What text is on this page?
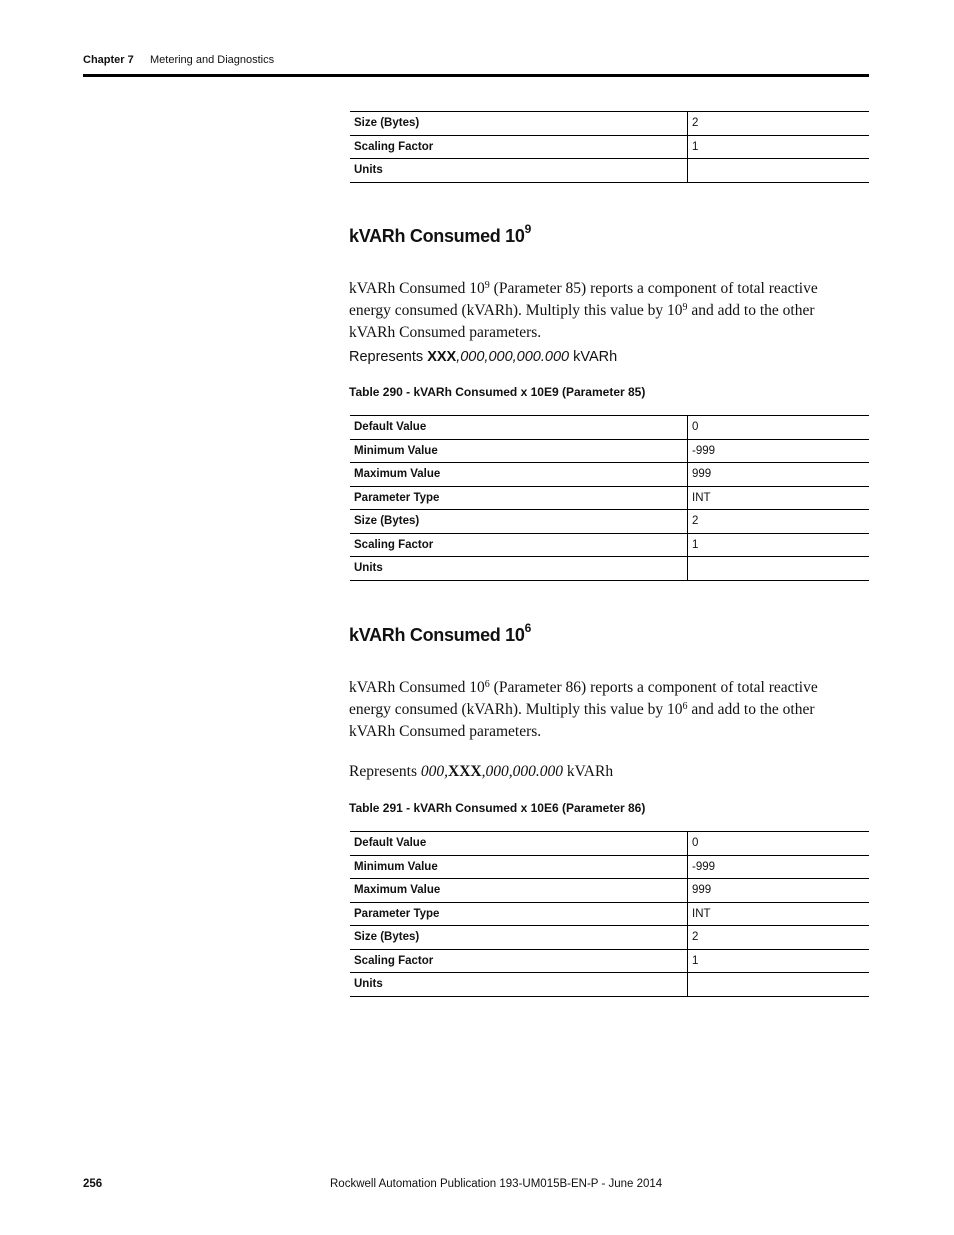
Chapter 7 Metering and Diagnostics
Size (Bytes)	2
Scaling Factor	1
Units	
kVARh Consumed $10^9$

kVARh Consumed $10^9$ (Parameter 85) reports a component of total reactive energy consumed (kVARh). Multiply this value by $10^9$ and add to the other kVARh Consumed parameters.

Represents XXX,000,000,000.000 kVARh
Table 290 - kVARh Consumed x 10E9 (Parameter 85)
Default Value	0
Minimum Value	-999
Maximum Value	999
Parameter Type	INT
Size (Bytes)	2
Scaling Factor	1
Units	
kVARh Consumed $10^6$

kVARh Consumed $10^6$ (Parameter 86) reports a component of total reactive energy consumed (kVARh). Multiply this value by $10^6$ and add to the other kVARh Consumed parameters.

Represents 000,XXX,000,000.000 kVARh
Table 291 - kVARh Consumed x 10E6 (Parameter 86)
Default Value	0
Minimum Value	-999
Maximum Value	999
Parameter Type	INT
Size (Bytes)	2
Scaling Factor	1
Units	
256	Rockwell Automation Publication 193-UM015B-EN-P - June 2014
